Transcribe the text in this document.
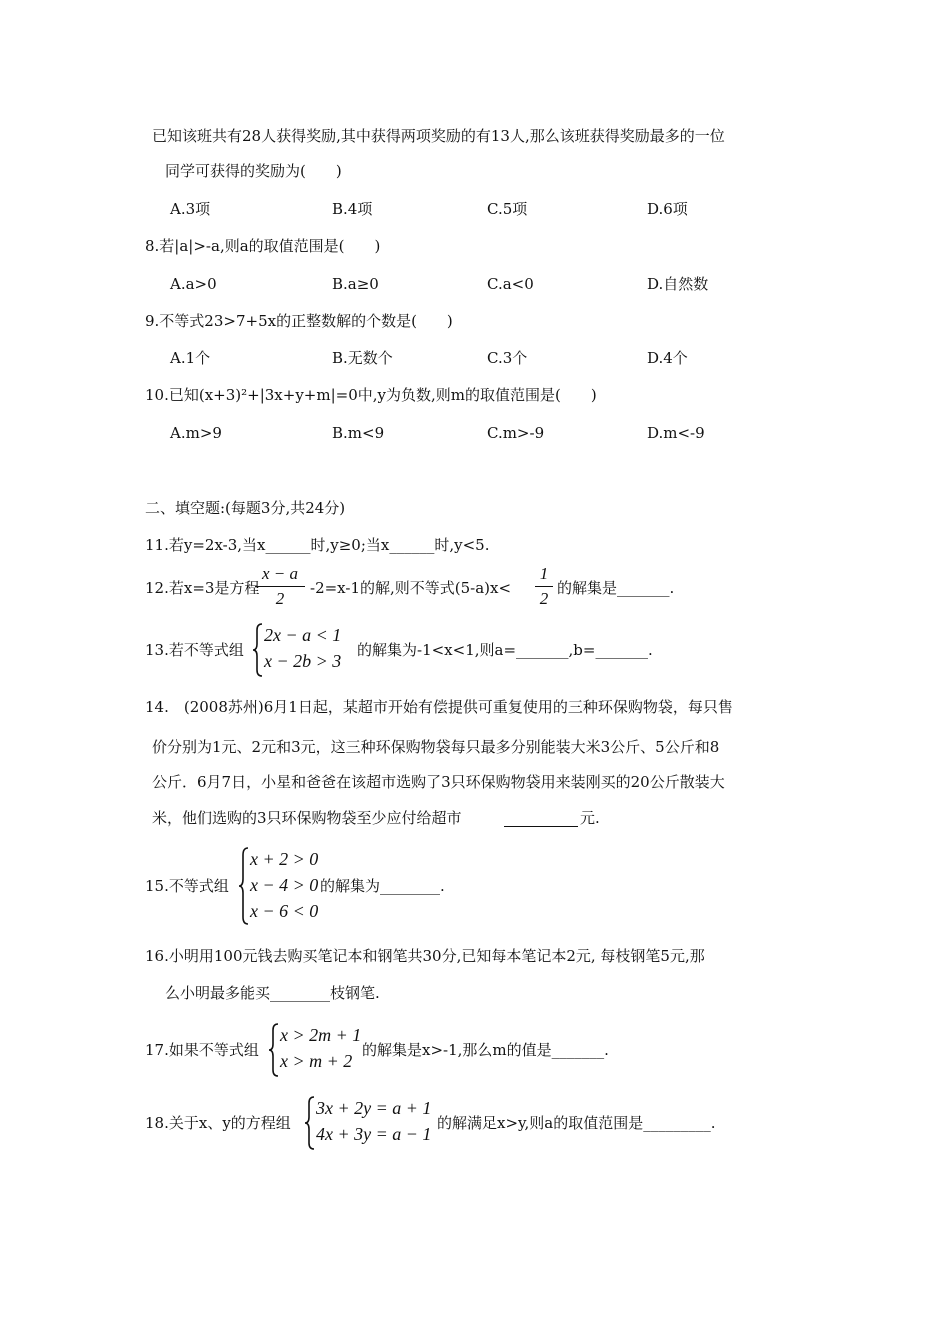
已知该班共有28人获得奖励,其中获得两项奖励的有13人,那么该班获得奖励最多的一位
同学可获得的奖励为(　　)
A.3项	B.4项	C.5项	D.6项
8.若|a|>-a,则a的取值范围是(　　)
A.a>0	B.a≥0	C.a<0	D.自然数
9.不等式23>7+5x的正整数解的个数是(　　)
A.1个	B.无数个	C.3个	D.4个
10.已知(x+3)²+|3x+y+m|=0中,y为负数,则m的取值范围是(　　)
A.m>9	B.m<9	C.m>-9	D.m<-9
二、填空题:(每题3分,共24分)
11.若y=2x-3,当x______时,y≥0;当x______时,y<5.
12.若x=3是方程
x − a
2
-2=x-1的解,则不等式(5-a)x<
1
2
的解集是_______.
13.若不等式组
2x − a < 1
x − 2b > 3
的解集为-1<x<1,则a=_______,b=_______.
14.　(2008苏州)6月1日起，某超市开始有偿提供可重复使用的三种环保购物袋，每只售
价分别为1元、2元和3元，这三种环保购物袋每只最多分别能装大米3公斤、5公斤和8
公斤．6月7日，小星和爸爸在该超市选购了3只环保购物袋用来装刚买的20公斤散装大
米，他们选购的3只环保购物袋至少应付给超市	元.
15.不等式组
x + 2 > 0
x − 4 > 0
x − 6 < 0
的解集为________.
16.小明用100元钱去购买笔记本和钢笔共30分,已知每本笔记本2元, 每枝钢笔5元,那
么小明最多能买________枝钢笔.
17.如果不等式组
x > 2m + 1
x > m + 2
的解集是x>-1,那么m的值是_______.
18.关于x、y的方程组
3x + 2y = a + 1
4x + 3y = a − 1
的解满足x>y,则a的取值范围是_________.
